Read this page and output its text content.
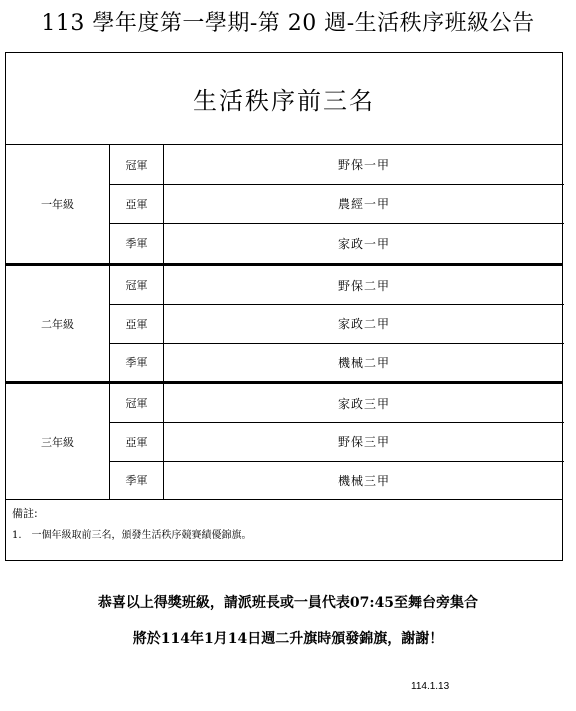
113 學年度第一學期-第 20 週-生活秩序班級公告
生活秩序前三名
一年級
冠軍	野保一甲
亞軍	農經一甲
季軍	家政一甲
二年級
冠軍	野保二甲
亞軍	家政二甲
季軍	機械二甲
三年級
冠軍	家政三甲
亞軍	野保三甲
季軍	機械三甲
備註:
1.　一個年級取前三名，頒發生活秩序競賽績優錦旗。
恭喜以上得獎班級，請派班長或一員代表07:45至舞台旁集合
將於114年1月14日週二升旗時頒發錦旗，謝謝！
114.1.13
